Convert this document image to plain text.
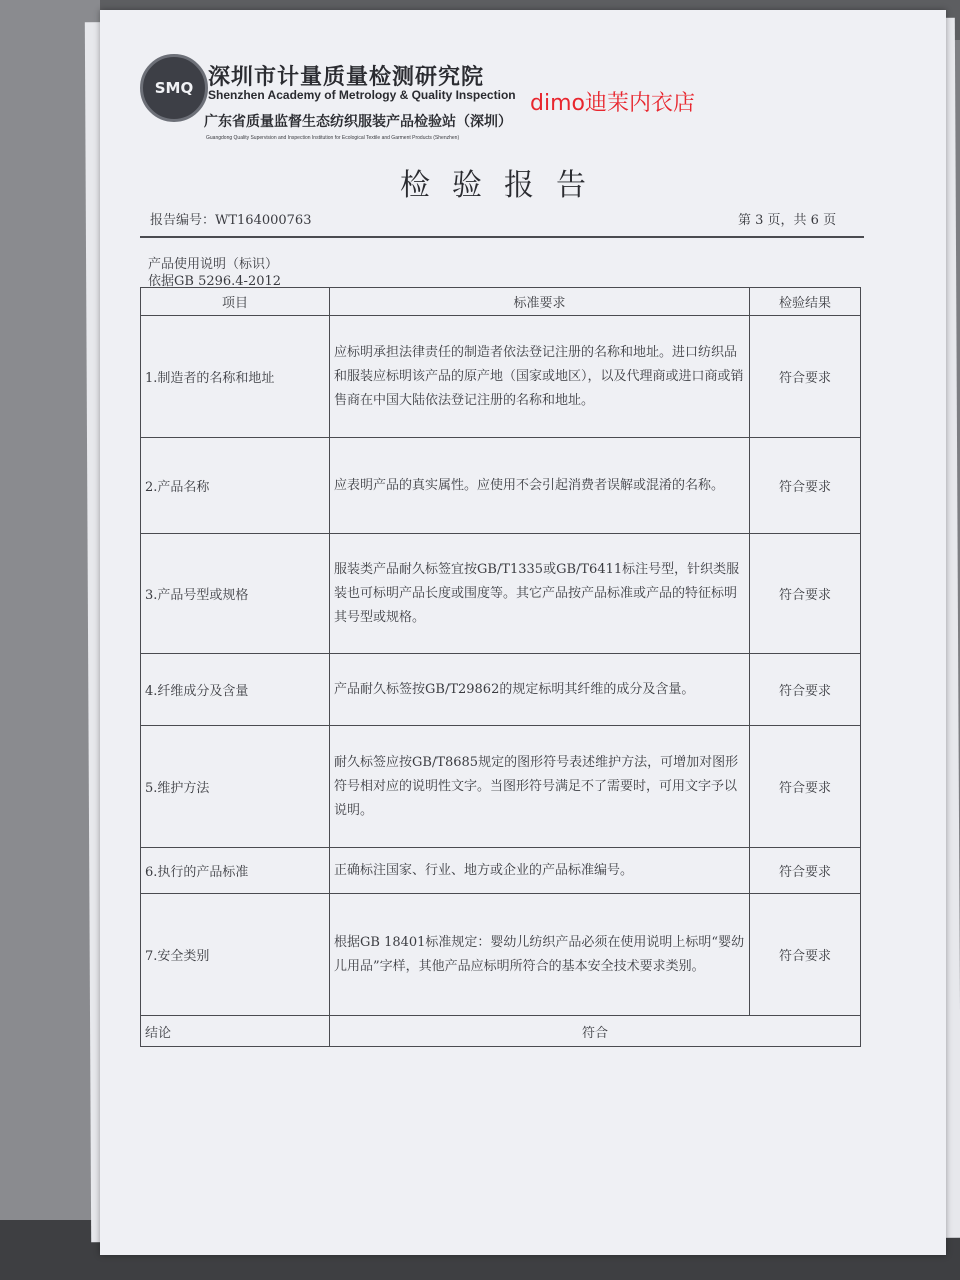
SMQ 深圳市计量质量检测研究院
Shenzhen Academy of Metrology & Quality Inspection
广东省质量监督生态纺织服装产品检验站（深圳）
Guangdong Quality Supervision and Inspection Institution for Ecological Textile and Garment Products (Shenzhen)
dimo迪茉内衣店
检验报告
报告编号：WT164000763	第 3 页，共 6 页
产品使用说明（标识）
依据GB 5296.4-2012
项目	标准要求	检验结果
1.制造者的名称和地址	应标明承担法律责任的制造者依法登记注册的名称和地址。进口纺织品和服装应标明该产品的原产地（国家或地区），以及代理商或进口商或销售商在中国大陆依法登记注册的名称和地址。	符合要求
2.产品名称	应表明产品的真实属性。应使用不会引起消费者误解或混淆的名称。	符合要求
3.产品号型或规格	服装类产品耐久标签宜按GB/T1335或GB/T6411标注号型，针织类服装也可标明产品长度或围度等。其它产品按产品标准或产品的特征标明其号型或规格。	符合要求
4.纤维成分及含量	产品耐久标签按GB/T29862的规定标明其纤维的成分及含量。	符合要求
5.维护方法	耐久标签应按GB/T8685规定的图形符号表述维护方法，可增加对图形符号相对应的说明性文字。当图形符号满足不了需要时，可用文字予以说明。	符合要求
6.执行的产品标准	正确标注国家、行业、地方或企业的产品标准编号。	符合要求
7.安全类别	根据GB 18401标准规定：婴幼儿纺织产品必须在使用说明上标明“婴幼儿用品”字样，其他产品应标明所符合的基本安全技术要求类别。	符合要求
结论	符合	
